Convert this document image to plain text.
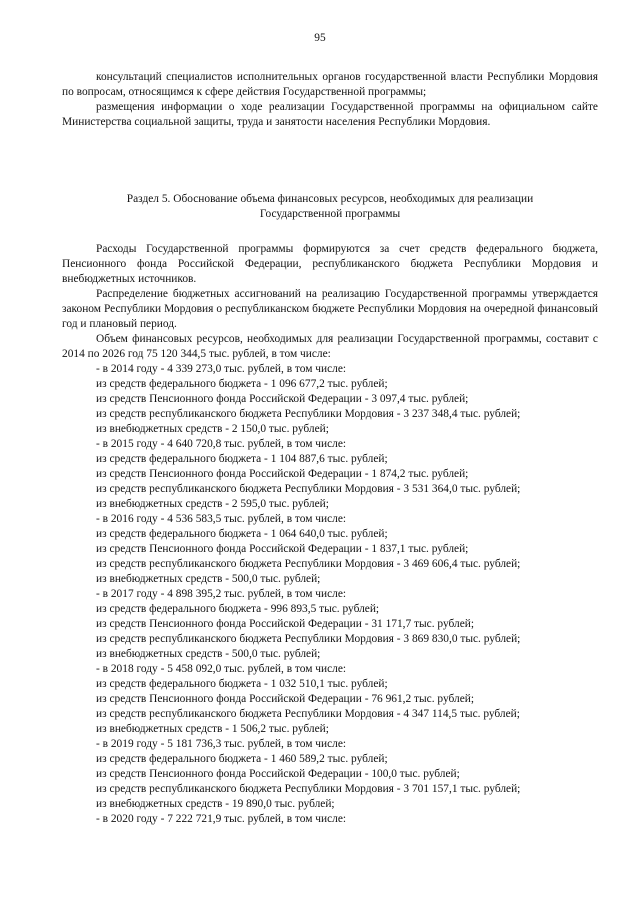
95

консультаций специалистов исполнительных органов государственной власти Республики Мордовия по вопросам, относящимся к сфере действия Государственной программы;

размещения информации о ходе реализации Государственной программы на официальном сайте Министерства социальной защиты, труда и занятости населения Республики Мордовия.

Раздел 5. Обоснование объема финансовых ресурсов, необходимых для реализации
Государственной программы

Расходы Государственной программы формируются за счет средств федерального бюджета, Пенсионного фонда Российской Федерации, республиканского бюджета Республики Мордовия и внебюджетных источников.

Распределение бюджетных ассигнований на реализацию Государственной программы утверждается законом Республики Мордовия о республиканском бюджете Республики Мордовия на очередной финансовый год и плановый период.

Объем финансовых ресурсов, необходимых для реализации Государственной программы, составит с 2014 по 2026 год 75 120 344,5 тыс. рублей, в том числе:

- в 2014 году - 4 339 273,0 тыс. рублей, в том числе:
из средств федерального бюджета - 1 096 677,2 тыс. рублей;
из средств Пенсионного фонда Российской Федерации - 3 097,4 тыс. рублей;
из средств республиканского бюджета Республики Мордовия - 3 237 348,4 тыс. рублей;
из внебюджетных средств - 2 150,0 тыс. рублей;
- в 2015 году - 4 640 720,8 тыс. рублей, в том числе:
из средств федерального бюджета - 1 104 887,6 тыс. рублей;
из средств Пенсионного фонда Российской Федерации - 1 874,2 тыс. рублей;
из средств республиканского бюджета Республики Мордовия - 3 531 364,0 тыс. рублей;
из внебюджетных средств - 2 595,0 тыс. рублей;
- в 2016 году - 4 536 583,5 тыс. рублей, в том числе:
из средств федерального бюджета - 1 064 640,0 тыс. рублей;
из средств Пенсионного фонда Российской Федерации - 1 837,1 тыс. рублей;
из средств республиканского бюджета Республики Мордовия - 3 469 606,4 тыс. рублей;
из внебюджетных средств - 500,0 тыс. рублей;
- в 2017 году - 4 898 395,2 тыс. рублей, в том числе:
из средств федерального бюджета - 996 893,5 тыс. рублей;
из средств Пенсионного фонда Российской Федерации - 31 171,7 тыс. рублей;
из средств республиканского бюджета Республики Мордовия - 3 869 830,0 тыс. рублей;
из внебюджетных средств - 500,0 тыс. рублей;
- в 2018 году - 5 458 092,0 тыс. рублей, в том числе:
из средств федерального бюджета - 1 032 510,1 тыс. рублей;
из средств Пенсионного фонда Российской Федерации - 76 961,2 тыс. рублей;
из средств республиканского бюджета Республики Мордовия - 4 347 114,5 тыс. рублей;
из внебюджетных средств - 1 506,2 тыс. рублей;
- в 2019 году - 5 181 736,3 тыс. рублей, в том числе:
из средств федерального бюджета - 1 460 589,2 тыс. рублей;
из средств Пенсионного фонда Российской Федерации - 100,0 тыс. рублей;
из средств республиканского бюджета Республики Мордовия - 3 701 157,1 тыс. рублей;
из внебюджетных средств - 19 890,0 тыс. рублей;
- в 2020 году - 7 222 721,9 тыс. рублей, в том числе:
